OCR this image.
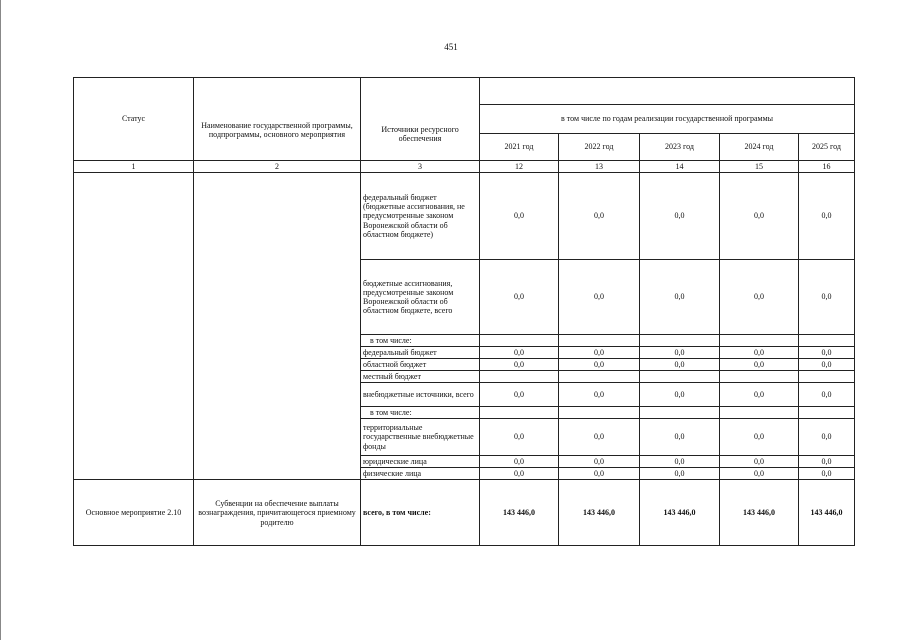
451
Статус	Наименование государственной программы, подпрограммы, основного мероприятия	Источники ресурсного обеспечения					
			в том числе по годам реализации государственной программы				
			2021 год	2022 год	2023 год	2024 год	2025 год
1	2	3	12	13	14	15	16
		федеральный бюджет (бюджетные ассигнования, не предусмотренные законом Воронежской области об областном бюджете)	0,0	0,0	0,0	0,0	0,0
		бюджетные ассигнования, предусмотренные законом Воронежской области об областном бюджете, всего	0,0	0,0	0,0	0,0	0,0
		в том числе:					
		федеральный бюджет	0,0	0,0	0,0	0,0	0,0
		областной бюджет	0,0	0,0	0,0	0,0	0,0
		местный бюджет					
		внебюджетные источники, всего	0,0	0,0	0,0	0,0	0,0
		в том числе:					
		территориальные государственные внебюджетные фонды	0,0	0,0	0,0	0,0	0,0
		юридические лица	0,0	0,0	0,0	0,0	0,0
		физические лица	0,0	0,0	0,0	0,0	0,0
Основное мероприятие 2.10	Субвенции на обеспечение выплаты вознаграждения, причитающегося приемному родителю	всего, в том числе:	143 446,0	143 446,0	143 446,0	143 446,0	143 446,0
